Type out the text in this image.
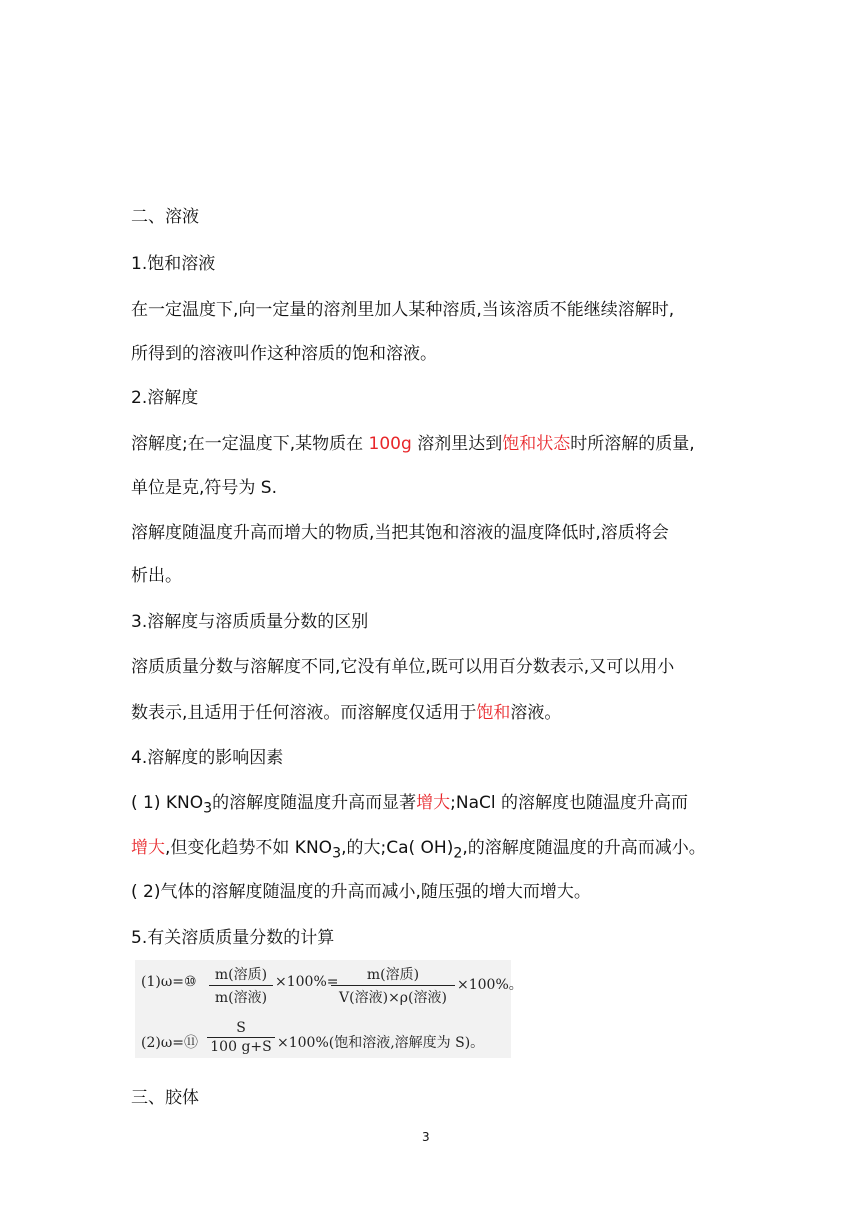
二、溶液
1.饱和溶液
在一定温度下,向一定量的溶剂里加人某种溶质,当该溶质不能继续溶解时,
所得到的溶液叫作这种溶质的饱和溶液。
2.溶解度
溶解度;在一定温度下,某物质在 100g 溶剂里达到饱和状态时所溶解的质量,
单位是克,符号为 S.
溶解度随温度升高而增大的物质,当把其饱和溶液的温度降低时,溶质将会
析出。
3.溶解度与溶质质量分数的区别
溶质质量分数与溶解度不同,它没有单位,既可以用百分数表示,又可以用小
数表示,且适用于任何溶液。而溶解度仅适用于饱和溶液。
4.溶解度的影响因素
( 1) $KNO_3$的溶解度随温度升高而显著增大;NaCl 的溶解度也随温度升高而
增大,但变化趋势不如 $KNO_3$,的大;Ca( $OH)_2$,的溶解度随温度的升高而减小。
( 2)气体的溶解度随温度的升高而减小,随压强的增大而增大。
5.有关溶质质量分数的计算
(1)ω=⑩	m(溶质)
m(溶液)
×100%=	m(溶质)
V(溶液)×ρ(溶液)
×100%。
(2)ω=⑪ $\frac{S}{100 g+S} \times 100\%$(饱和溶液,溶解度为 S)。
三、胶体
3
